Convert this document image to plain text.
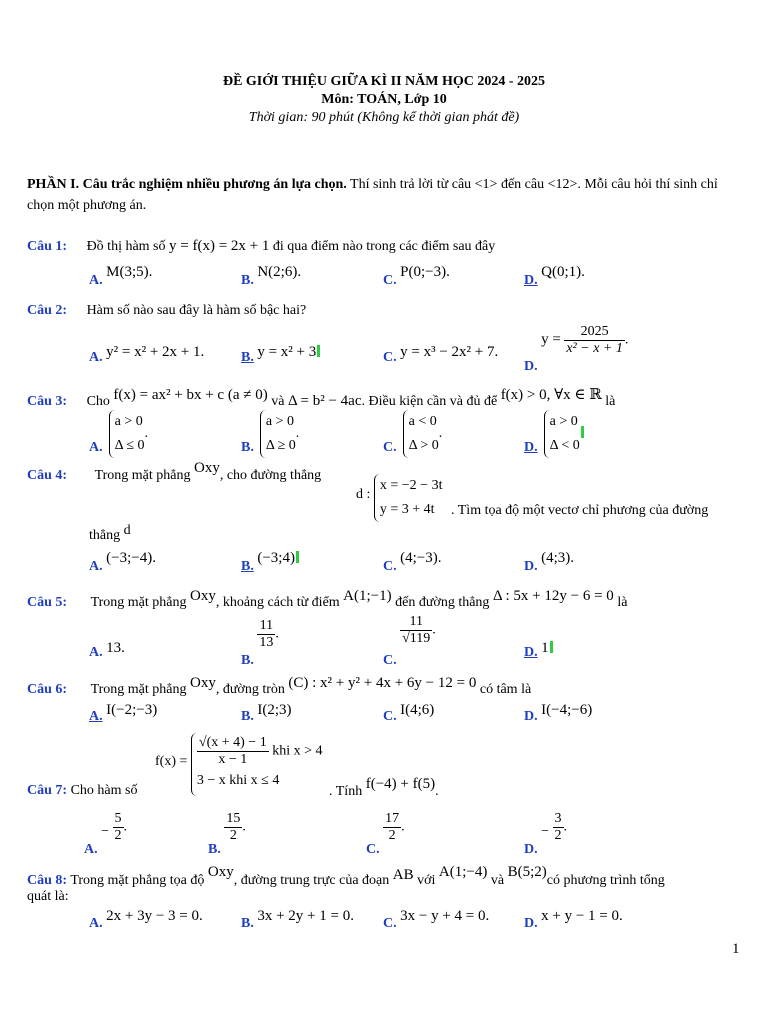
ĐỀ GIỚI THIỆU GIỮA KÌ II NĂM HỌC 2024 - 2025
Môn: TOÁN, Lớp 10
Thời gian: 90 phút (Không kể thời gian phát đề)

PHẦN I. Câu trắc nghiệm nhiều phương án lựa chọn. Thí sinh trả lời từ câu <1> đến câu <12>. Mỗi câu hỏi thí sinh chỉ chọn một phương án.

Câu 1: Đồ thị hàm số y = f(x) = 2x + 1 đi qua điểm nào trong các điểm sau đây
A. M(3;5).
B. N(2;6).
C. P(0;−3).
D. Q(0;1).
Câu 2: Hàm số nào sau đây là hàm số bậc hai?
A. y² = x² + 2x + 1.	B. y = x² + 3	C. y = x³ − 2x² + 7.
D. $y = \frac{2025}{\text{x² − x + 1}}$ .
Câu 3: Cho f(x) = ax² + bx + c (a ≠ 0) và Δ = b² − 4ac. Điều kiện cần và đủ để f(x) > 0, ∀x ∈ ℝ là
A.a > 0
Δ ≤ 0.
B.a > 0
Δ ≥ 0.
C.a < 0
Δ > 0.
D.a > 0
Δ < 0
Câu 4: Trong mặt phẳng Oxy, cho đường thẳng
d : x = −2 − 3t
y = 3 + 4t	. Tìm tọa độ một vectơ chỉ phương của đường
thẳng d
A. (−3;−4).
B. (−3;4)
C. (4;−3).
D. (4;3).
Câu 5: Trong mặt phẳng Oxy, khoảng cách từ điểm A(1;−1) đến đường thẳng Δ : 5x + 12y − 6 = 0 là
A. 13.
B.
$\frac{11}{13}$ .
C.
$\frac{11}{√119}$ .
D. 1
Câu 6: Trong mặt phẳng Oxy, đường tròn (C) : x² + y² + 4x + 6y − 12 = 0 có tâm là
A. I(−2;−3)	B. I(2;3)	C. I(4;6)	D. I(−4;−6)
$f(x) = \frac{√(x + 4) - 1}{x - 1}$ khi x > 4
3 − x khi x ≤ 4
Câu 7: Cho hàm số	. Tính f(−4) + f(5).
A. − $\frac{5}{2}$ .
B.
$\frac{15}{2}$ .
C.
$\frac{17}{2}$ .
D. − $\frac{3}{2}$ .
Câu 8: Trong mặt phẳng tọa độ Oxy, đường trung trực của đoạn AB với A(1;−4) và B(5;2)có phương trình tổng
quát là:
A. 2x + 3y − 3 = 0.	B. 3x + 2y + 1 = 0. C. 3x − y + 4 = 0. D. x + y − 1 = 0.
1
